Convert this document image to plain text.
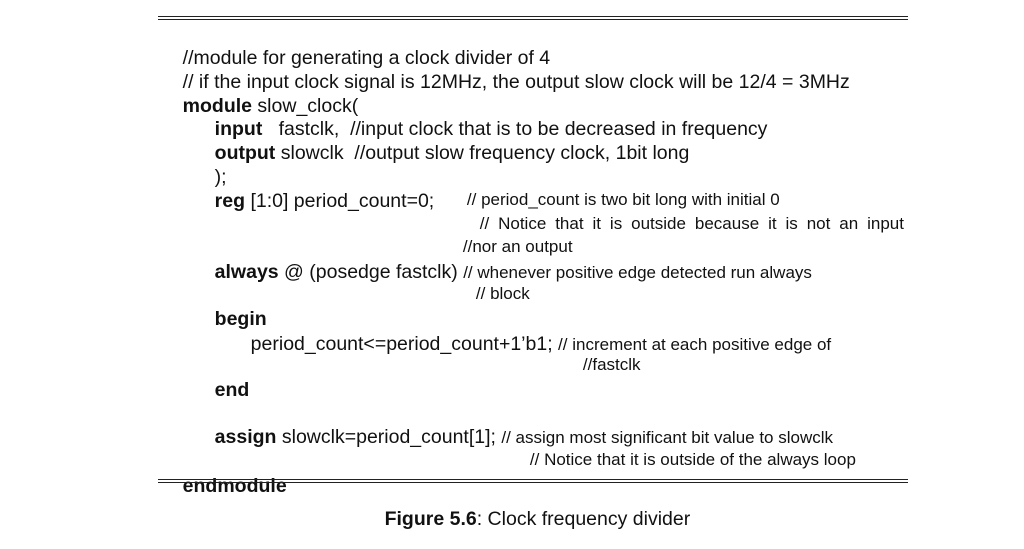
//module for generating a clock divider of 4

// if the input clock signal is 12MHz, the output slow clock will be 12/4 = 3MHz

module slow_clock(

input   fastclk,  //input clock that is to be decreased in frequency

output slowclk  //output slow frequency clock, 1bit long

);

reg [1:0] period_count=0;
	// period_count is two bit long with initial 0

// Notice that it is outside because it is not an input

//nor an output

always @ (posedge fastclk) // whenever positive edge detected run always

// block

begin

period_count<=period_count+1’b1; // increment at each positive edge of

//fastclk

end

assign slowclk=period_count[1]; // assign most significant bit value to slowclk

// Notice that it is outside of the always loop

endmodule

Figure 5.6: Clock frequency divider
